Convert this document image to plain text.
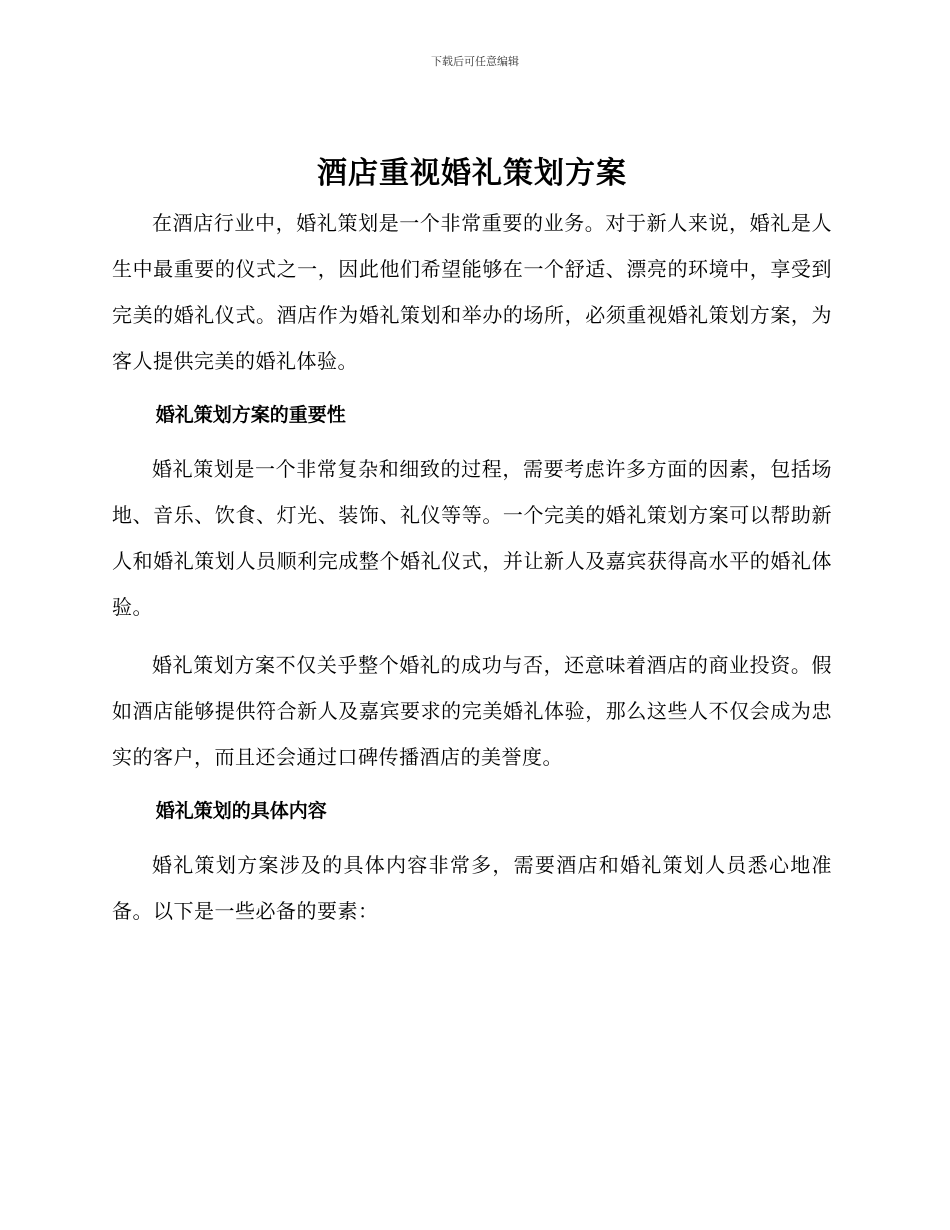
下载后可任意编辑
酒店重视婚礼策划方案

在酒店行业中，婚礼策划是一个非常重要的业务。对于新人来说，婚礼是人生中最重要的仪式之一，因此他们希望能够在一个舒适、漂亮的环境中，享受到完美的婚礼仪式。酒店作为婚礼策划和举办的场所，必须重视婚礼策划方案，为客人提供完美的婚礼体验。

婚礼策划方案的重要性

婚礼策划是一个非常复杂和细致的过程，需要考虑许多方面的因素，包括场地、音乐、饮食、灯光、装饰、礼仪等等。一个完美的婚礼策划方案可以帮助新人和婚礼策划人员顺利完成整个婚礼仪式，并让新人及嘉宾获得高水平的婚礼体验。

婚礼策划方案不仅关乎整个婚礼的成功与否，还意味着酒店的商业投资。假如酒店能够提供符合新人及嘉宾要求的完美婚礼体验，那么这些人不仅会成为忠实的客户，而且还会通过口碑传播酒店的美誉度。

婚礼策划的具体内容

婚礼策划方案涉及的具体内容非常多，需要酒店和婚礼策划人员悉心地准备。以下是一些必备的要素：
